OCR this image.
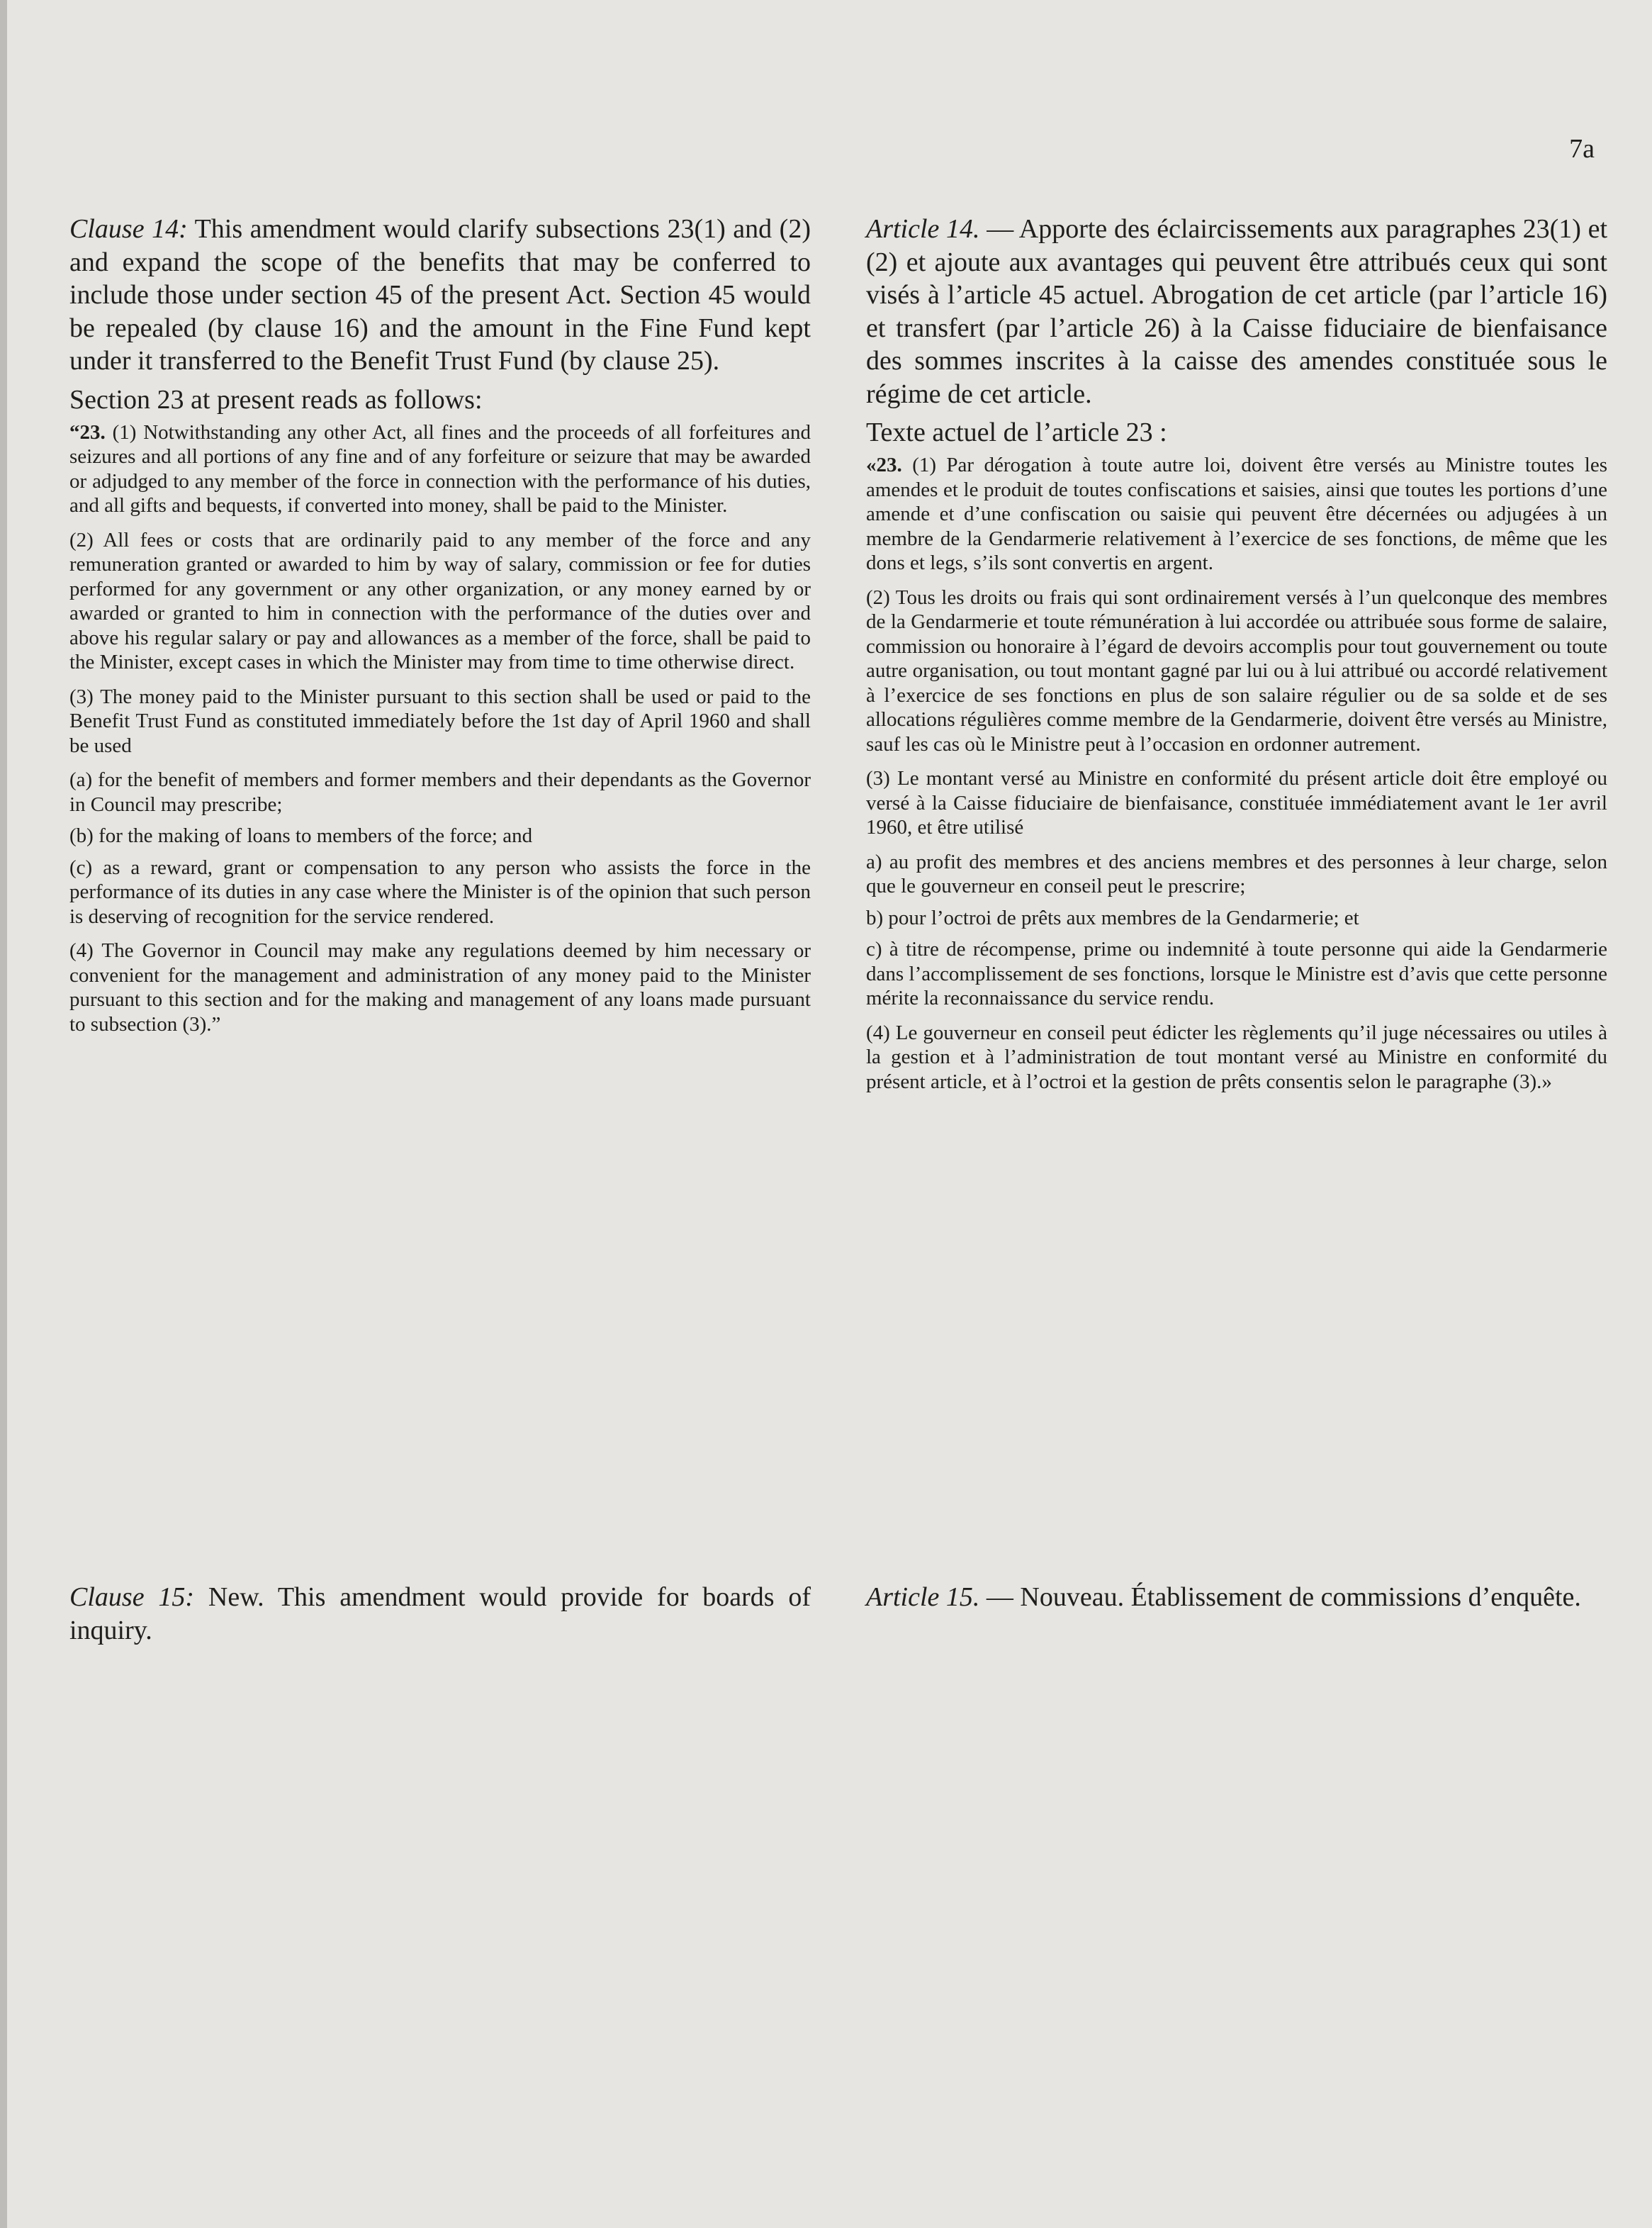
7a

Clause 14: This amendment would clarify subsections 23(1) and (2) and expand the scope of the benefits that may be conferred to include those under section 45 of the present Act. Section 45 would be repealed (by clause 16) and the amount in the Fine Fund kept under it transferred to the Benefit Trust Fund (by clause 25).

Section 23 at present reads as follows:

“23. (1) Notwithstanding any other Act, all fines and the proceeds of all forfeitures and seizures and all portions of any fine and of any forfeiture or seizure that may be awarded or adjudged to any member of the force in connection with the performance of his duties, and all gifts and bequests, if converted into money, shall be paid to the Minister.

(2) All fees or costs that are ordinarily paid to any member of the force and any remuneration granted or awarded to him by way of salary, commission or fee for duties performed for any government or any other organization, or any money earned by or awarded or granted to him in connection with the performance of the duties over and above his regular salary or pay and allowances as a member of the force, shall be paid to the Minister, except cases in which the Minister may from time to time otherwise direct.

(3) The money paid to the Minister pursuant to this section shall be used or paid to the Benefit Trust Fund as constituted immediately before the 1st day of April 1960 and shall be used

(a) for the benefit of members and former members and their dependants as the Governor in Council may prescribe;

(b) for the making of loans to members of the force; and

(c) as a reward, grant or compensation to any person who assists the force in the performance of its duties in any case where the Minister is of the opinion that such person is deserving of recognition for the service rendered.

(4) The Governor in Council may make any regulations deemed by him necessary or convenient for the management and administration of any money paid to the Minister pursuant to this section and for the making and management of any loans made pursuant to subsection (3).”

Article 14. — Apporte des éclaircissements aux paragraphes 23(1) et (2) et ajoute aux avantages qui peuvent être attribués ceux qui sont visés à l’article 45 actuel. Abrogation de cet article (par l’article 16) et transfert (par l’article 26) à la Caisse fiduciaire de bienfaisance des sommes inscrites à la caisse des amendes constituée sous le régime de cet article.

Texte actuel de l’article 23 :

«23. (1) Par dérogation à toute autre loi, doivent être versés au Ministre toutes les amendes et le produit de toutes confiscations et saisies, ainsi que toutes les portions d’une amende et d’une confiscation ou saisie qui peuvent être décernées ou adjugées à un membre de la Gendarmerie relativement à l’exercice de ses fonctions, de même que les dons et legs, s’ils sont convertis en argent.

(2) Tous les droits ou frais qui sont ordinairement versés à l’un quelconque des membres de la Gendarmerie et toute rémunération à lui accordée ou attribuée sous forme de salaire, commission ou honoraire à l’égard de devoirs accomplis pour tout gouvernement ou toute autre organisation, ou tout montant gagné par lui ou à lui attribué ou accordé relativement à l’exercice de ses fonctions en plus de son salaire régulier ou de sa solde et de ses allocations régulières comme membre de la Gendarmerie, doivent être versés au Ministre, sauf les cas où le Ministre peut à l’occasion en ordonner autrement.

(3) Le montant versé au Ministre en conformité du présent article doit être employé ou versé à la Caisse fiduciaire de bienfaisance, constituée immédiatement avant le 1er avril 1960, et être utilisé

a) au profit des membres et des anciens membres et des personnes à leur charge, selon que le gouverneur en conseil peut le prescrire;

b) pour l’octroi de prêts aux membres de la Gendarmerie; et

c) à titre de récompense, prime ou indemnité à toute personne qui aide la Gendarmerie dans l’accomplissement de ses fonctions, lorsque le Ministre est d’avis que cette personne mérite la reconnaissance du service rendu.

(4) Le gouverneur en conseil peut édicter les règlements qu’il juge nécessaires ou utiles à la gestion et à l’administration de tout montant versé au Ministre en conformité du présent article, et à l’octroi et la gestion de prêts consentis selon le paragraphe (3).»

Clause 15: New. This amendment would provide for boards of inquiry.

Article 15. — Nouveau. Établissement de commissions d’enquête.
